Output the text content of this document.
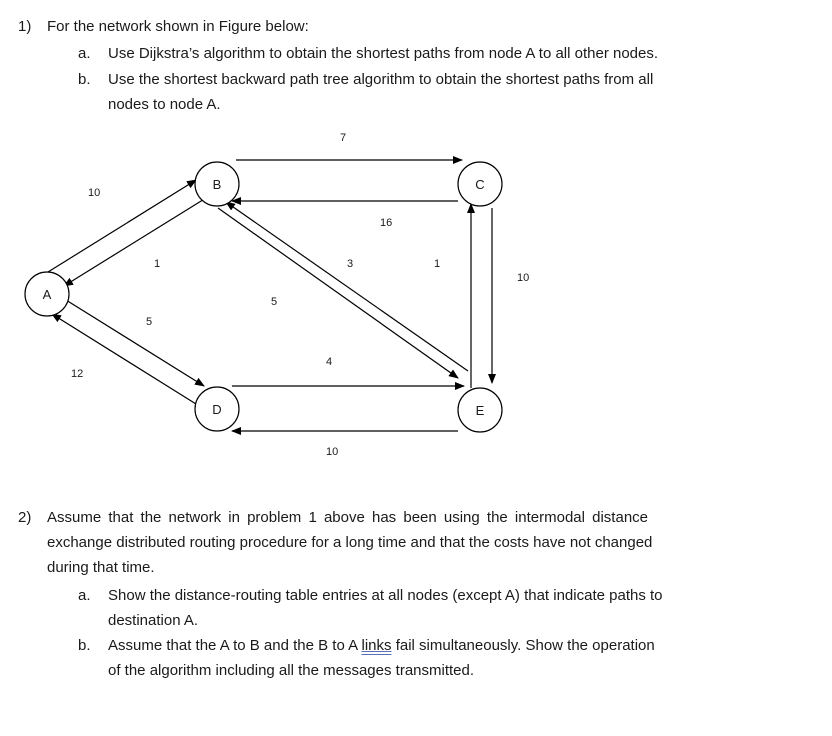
1) For the network shown in Figure below:
a. Use Dijkstra’s algorithm to obtain the shortest paths from node A to all other nodes.
b. Use the shortest backward path tree algorithm to obtain the shortest paths from all
nodes to node A.
A
B	C
D	E
10
1
5
12
7
16
5
3
4
10
10
1
2) Assume that the network in problem 1 above has been using the intermodal distance
exchange distributed routing procedure for a long time and that the costs have not changed
during that time.
a. Show the distance-routing table entries at all nodes (except A) that indicate paths to
destination A.
b. Assume that the A to B and the B to A links fail simultaneously. Show the operation
of the algorithm including all the messages transmitted.
